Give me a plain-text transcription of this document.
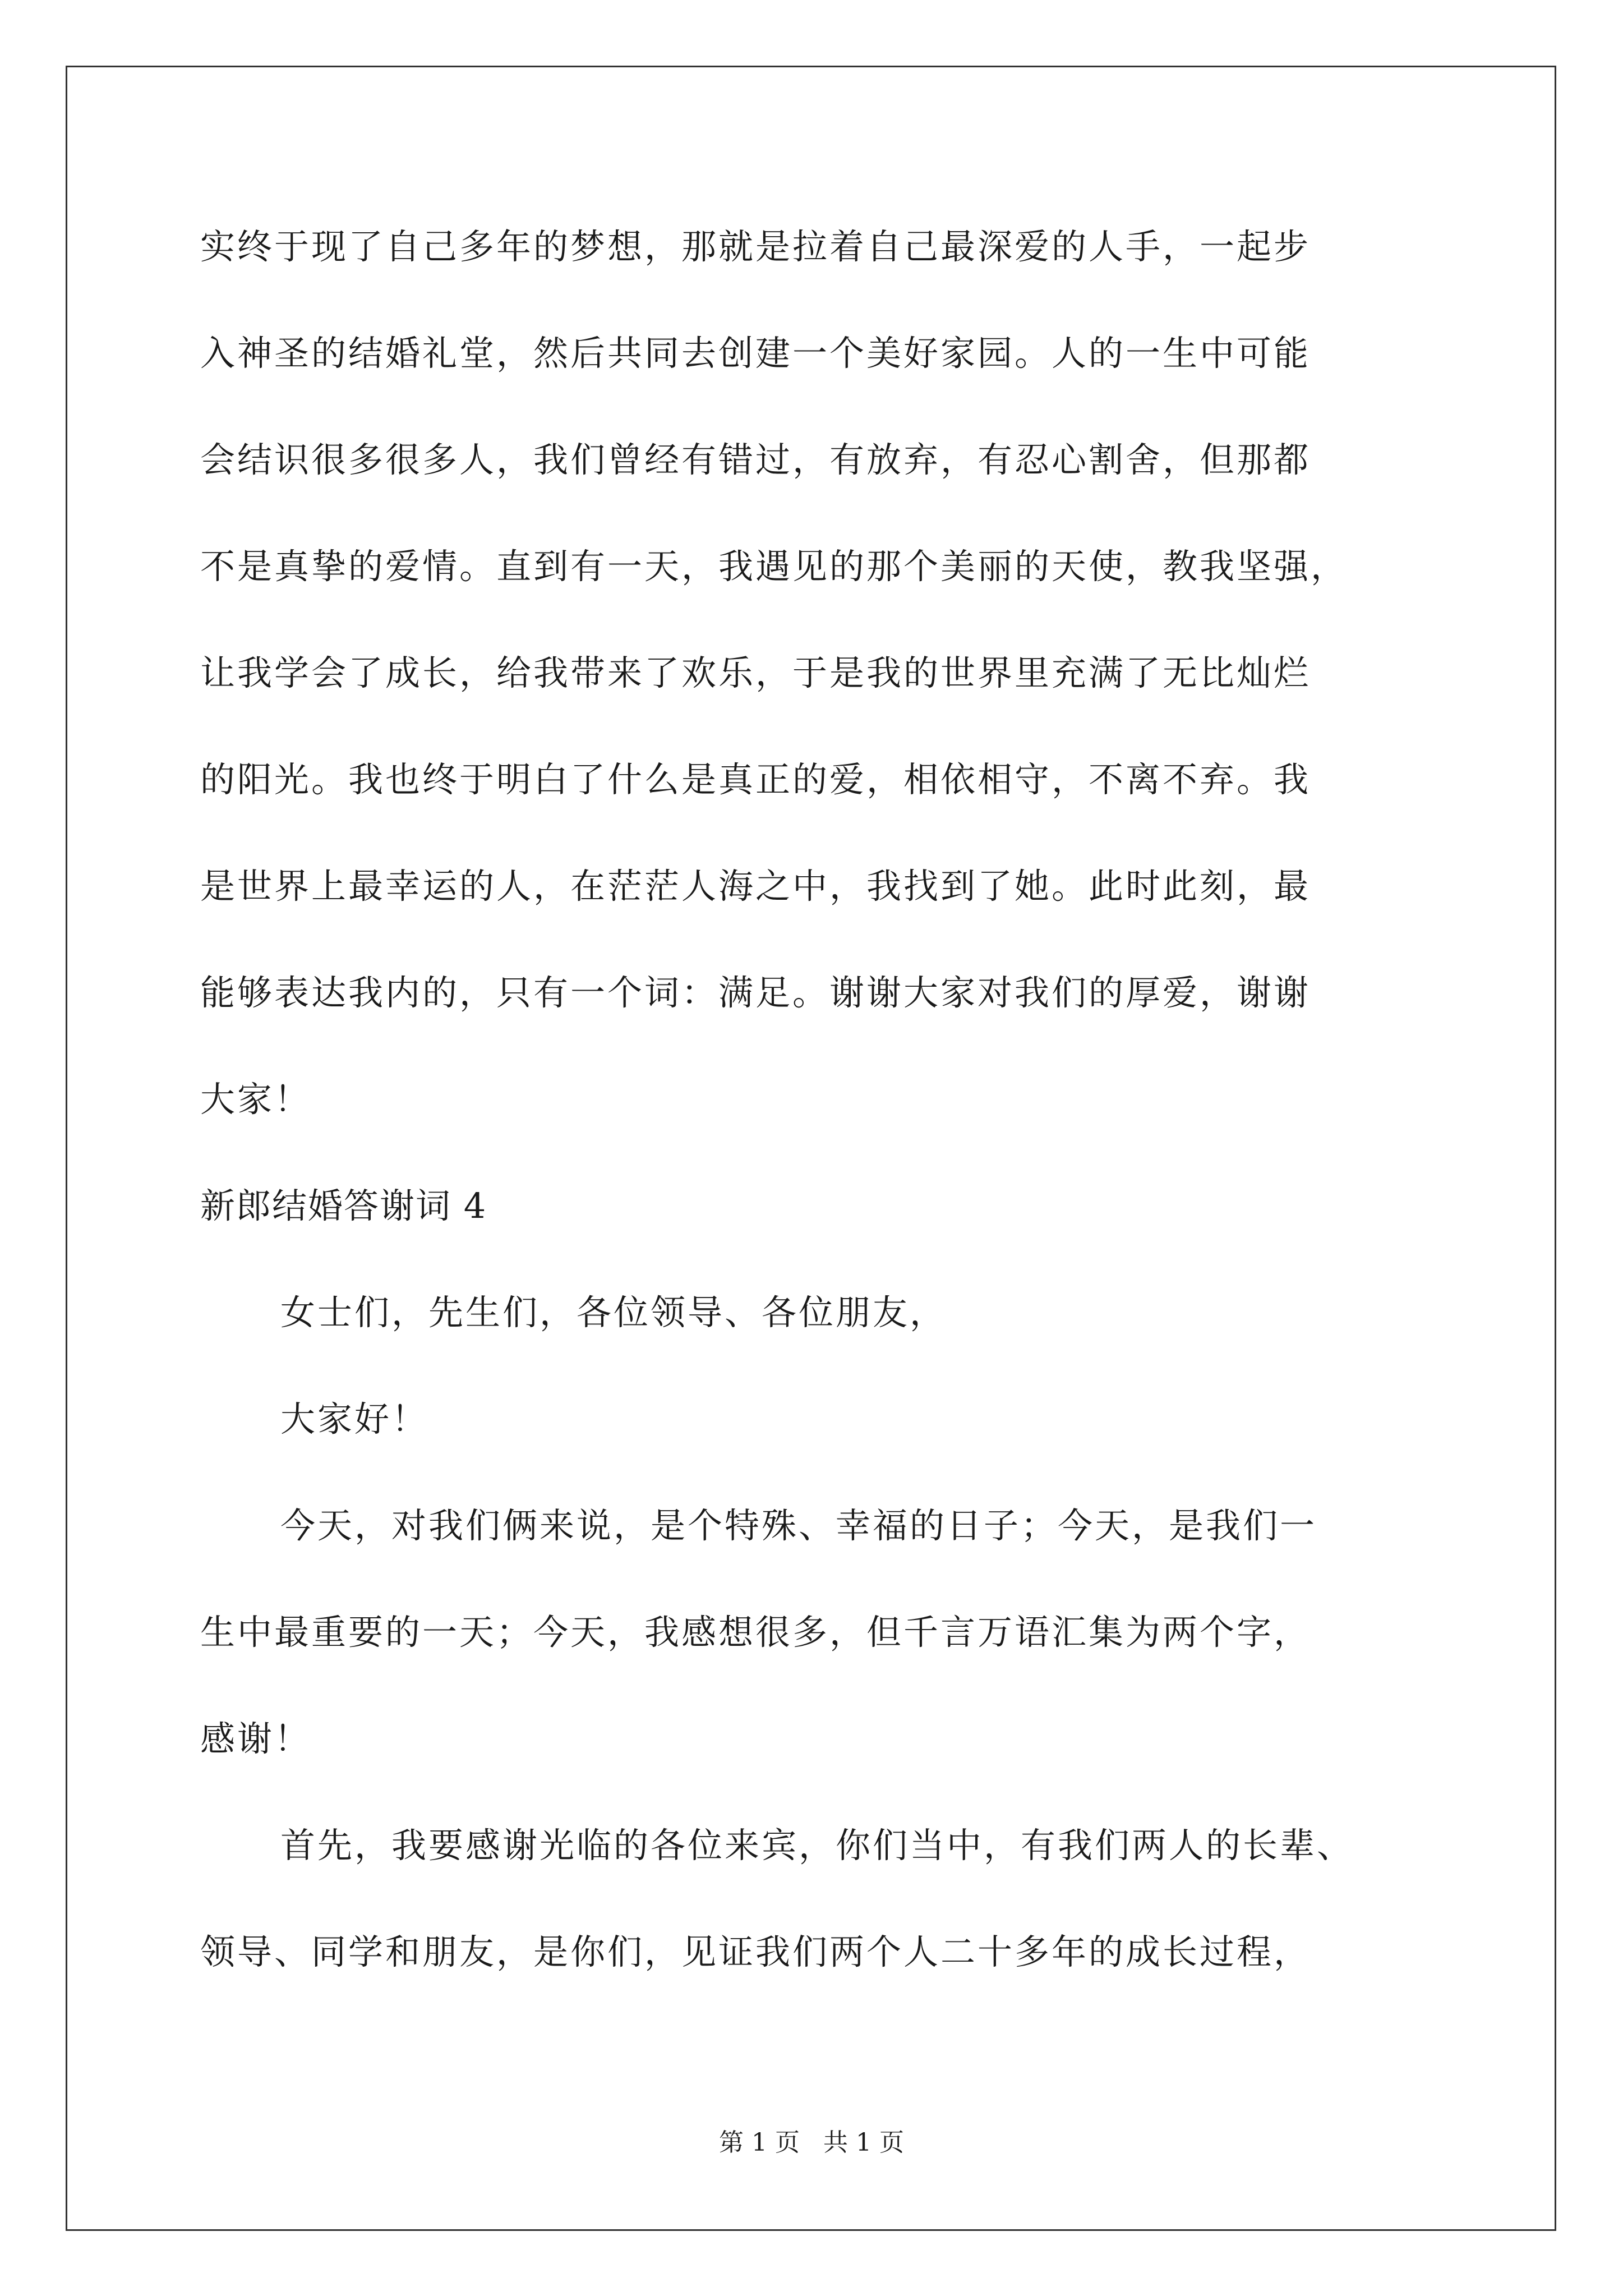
实终于现了自己多年的梦想，那就是拉着自己最深爱的人手，一起步
入神圣的结婚礼堂，然后共同去创建一个美好家园。人的一生中可能
会结识很多很多人，我们曾经有错过，有放弃，有忍心割舍，但那都
不是真挚的爱情。直到有一天，我遇见的那个美丽的天使，教我坚强，
让我学会了成长，给我带来了欢乐，于是我的世界里充满了无比灿烂
的阳光。我也终于明白了什么是真正的爱，相依相守，不离不弃。我
是世界上最幸运的人，在茫茫人海之中，我找到了她。此时此刻，最
能够表达我内的，只有一个词：满足。谢谢大家对我们的厚爱，谢谢
大家！
新郎结婚答谢词 4
女士们，先生们，各位领导、各位朋友，
大家好！
今天，对我们俩来说，是个特殊、幸福的日子；今天，是我们一
生中最重要的一天；今天，我感想很多，但千言万语汇集为两个字，
感谢！
首先，我要感谢光临的各位来宾，你们当中，有我们两人的长辈、
领导、同学和朋友，是你们，见证我们两个人二十多年的成长过程，
第 1 页   共 1 页
